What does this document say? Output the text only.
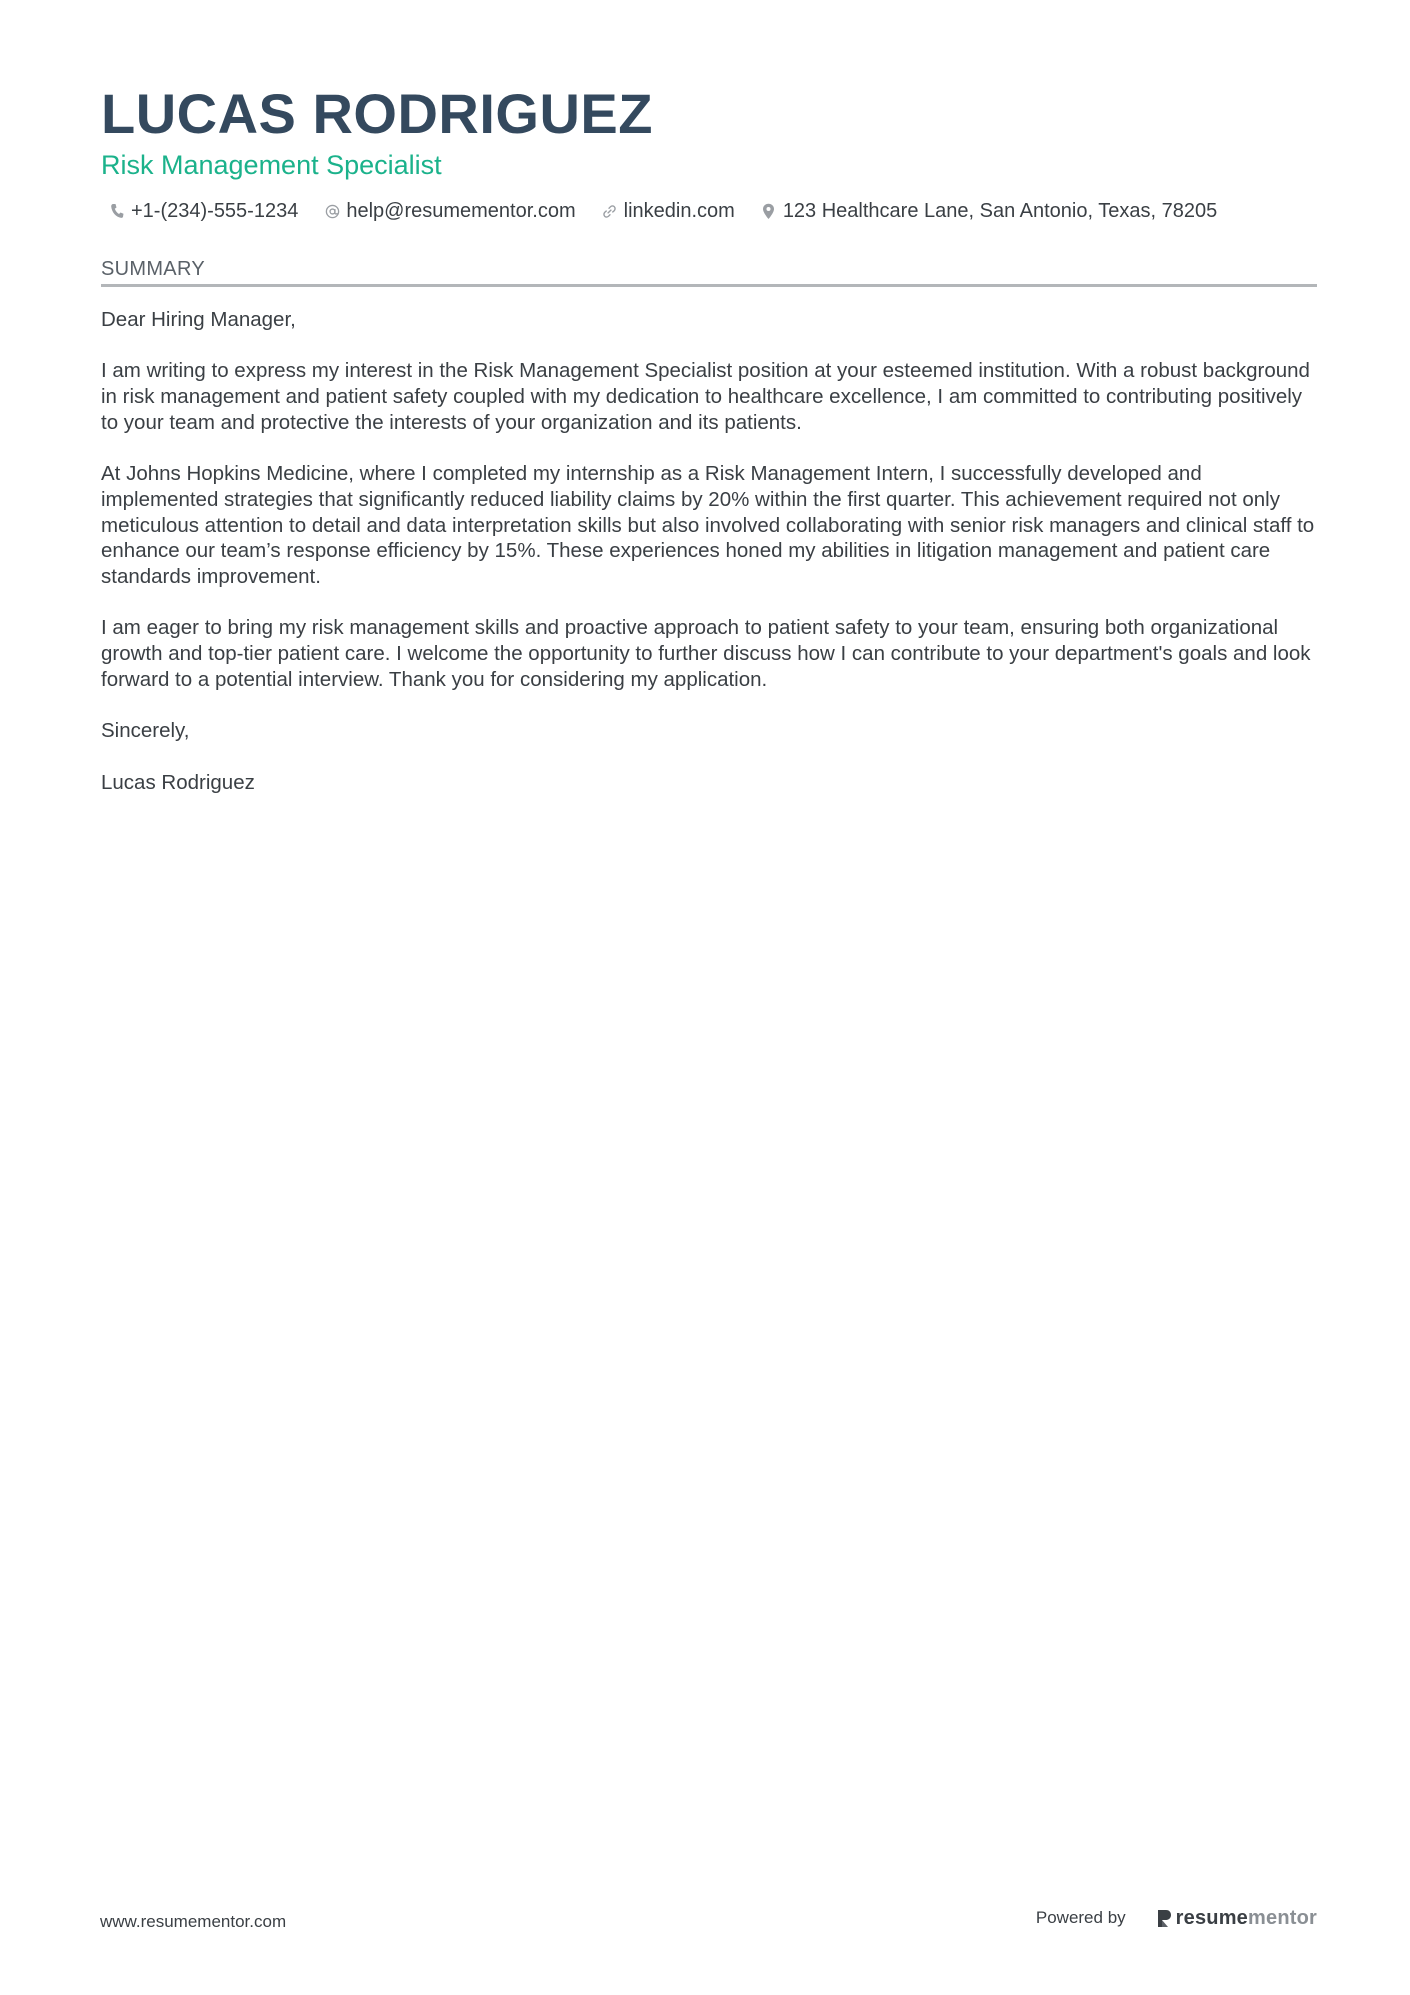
LUCAS RODRIGUEZ
Risk Management Specialist
+1-(234)-555-1234 help@resumementor.com linkedin.com 123 Healthcare Lane, San Antonio, Texas, 78205
SUMMARY

Dear Hiring Manager,

I am writing to express my interest in the Risk Management Specialist position at your esteemed institution. With a robust background in risk management and patient safety coupled with my dedication to healthcare excellence, I am committed to contributing positively to your team and protective the interests of your organization and its patients.

At Johns Hopkins Medicine, where I completed my internship as a Risk Management Intern, I successfully developed and implemented strategies that significantly reduced liability claims by 20% within the first quarter. This achievement required not only meticulous attention to detail and data interpretation skills but also involved collaborating with senior risk managers and clinical staff to enhance our team’s response efficiency by 15%. These experiences honed my abilities in litigation management and patient care standards improvement.

I am eager to bring my risk management skills and proactive approach to patient safety to your team, ensuring both organizational growth and top-tier patient care. I welcome the opportunity to further discuss how I can contribute to your department's goals and look forward to a potential interview. Thank you for considering my application.

Sincerely,

Lucas Rodriguez

www.resumementor.com	Powered by	resume mentor
